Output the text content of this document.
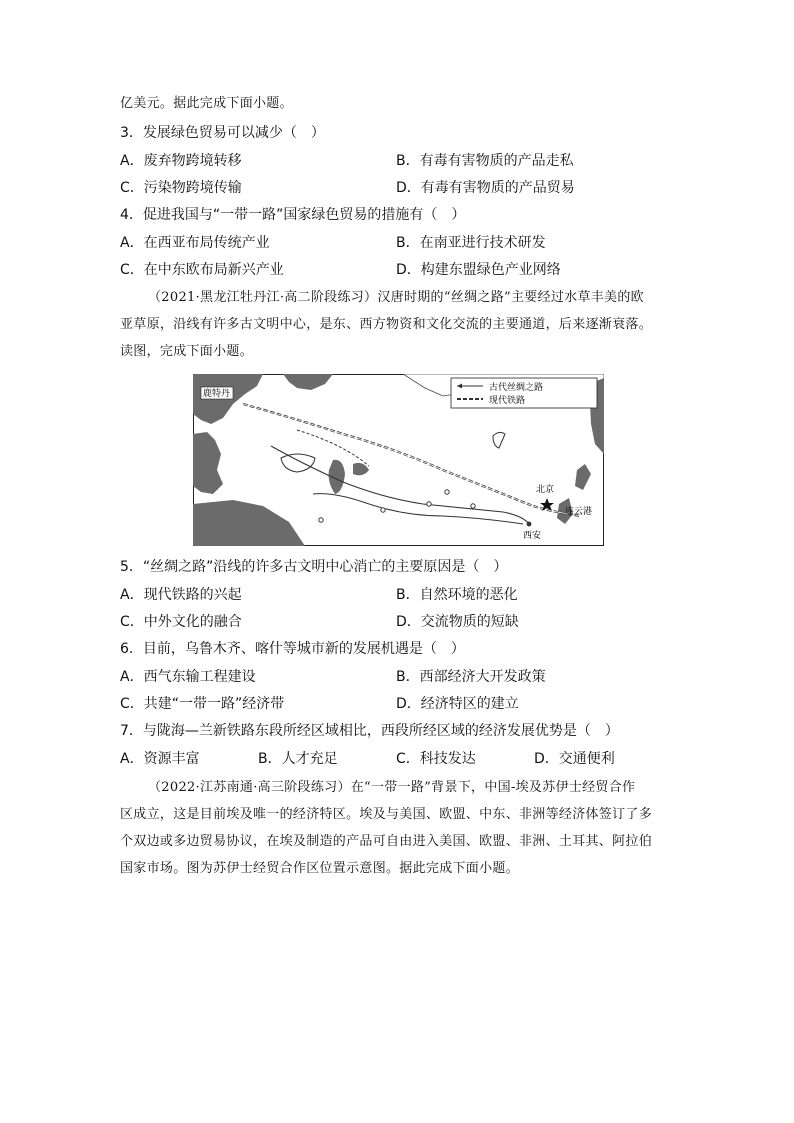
亿美元。据此完成下面小题。
3．发展绿色贸易可以减少（　）
A．废弃物跨境转移	B．有毒有害物质的产品走私
C．污染物跨境传输	D．有毒有害物质的产品贸易
4．促进我国与“一带一路”国家绿色贸易的措施有（　）
A．在西亚布局传统产业	B．在南亚进行技术研发
C．在中东欧布局新兴产业	D．构建东盟绿色产业网络
（2021·黑龙江牡丹江·高二阶段练习）汉唐时期的“丝绸之路”主要经过水草丰美的欧
亚草原，沿线有许多古文明中心，是东、西方物资和文化交流的主要通道，后来逐渐衰落。
读图，完成下面小题。
古代丝绸之路
现代铁路
鹿特丹
北京
连云港
西安
5．“丝绸之路”沿线的许多古文明中心消亡的主要原因是（　）
A．现代铁路的兴起	B．自然环境的恶化
C．中外文化的融合	D．交流物质的短缺
6．目前，乌鲁木齐、喀什等城市新的发展机遇是（　）
A．西气东输工程建设	B．西部经济大开发政策
C．共建“一带一路”经济带	D．经济特区的建立
7．与陇海—兰新铁路东段所经区域相比，西段所经区域的经济发展优势是（　）
A．资源丰富	B．人才充足	C．科技发达	D．交通便利
（2022·江苏南通·高三阶段练习）在“一带一路”背景下，中国-埃及苏伊士经贸合作
区成立，这是目前埃及唯一的经济特区。埃及与美国、欧盟、中东、非洲等经济体签订了多
个双边或多边贸易协议，在埃及制造的产品可自由进入美国、欧盟、非洲、土耳其、阿拉伯
国家市场。图为苏伊士经贸合作区位置示意图。据此完成下面小题。
